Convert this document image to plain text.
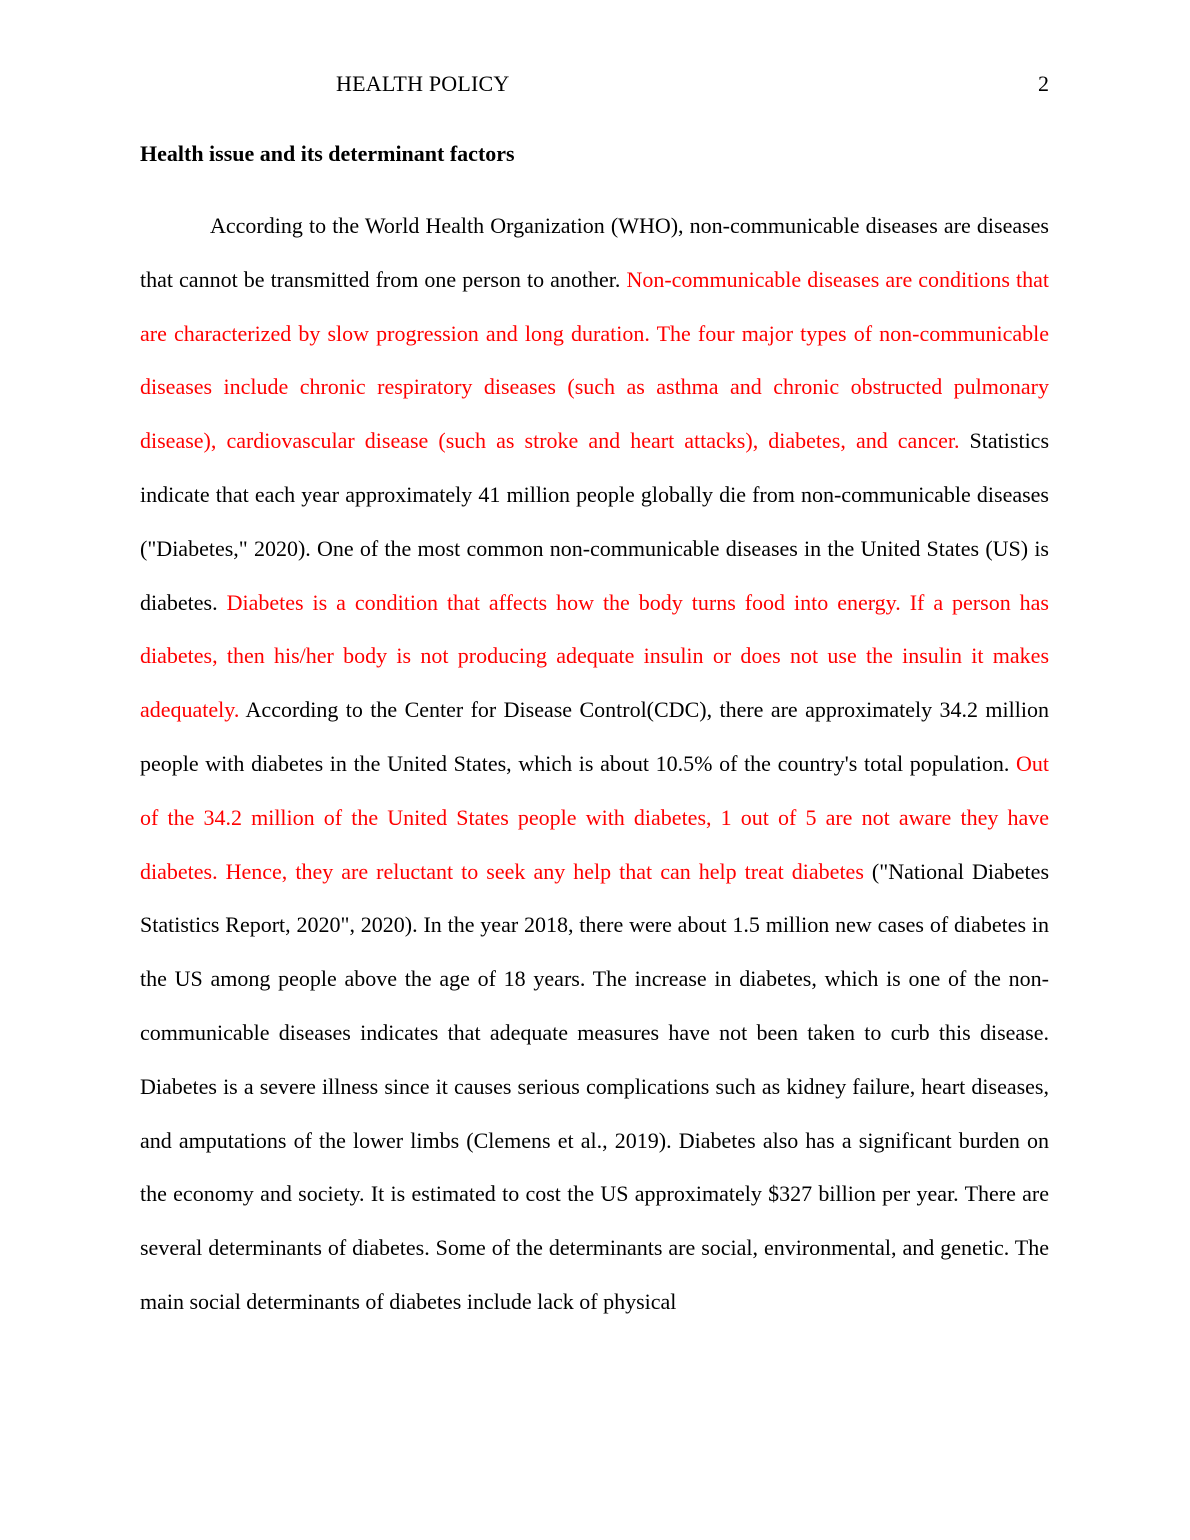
HEALTH POLICY	2
Health issue and its determinant factors

According to the World Health Organization (WHO), non-communicable diseases are diseases that cannot be transmitted from one person to another. Non-communicable diseases are conditions that are characterized by slow progression and long duration. The four major types of non-communicable diseases include chronic respiratory diseases (such as asthma and chronic obstructed pulmonary disease), cardiovascular disease (such as stroke and heart attacks), diabetes, and cancer. Statistics indicate that each year approximately 41 million people globally die from non-communicable diseases ("Diabetes," 2020). One of the most common non-communicable diseases in the United States (US) is diabetes. Diabetes is a condition that affects how the body turns food into energy. If a person has diabetes, then his/her body is not producing adequate insulin or does not use the insulin it makes adequately. According to the Center for Disease Control(CDC), there are approximately 34.2 million people with diabetes in the United States, which is about 10.5% of the country's total population. Out of the 34.2 million of the United States people with diabetes, 1 out of 5 are not aware they have diabetes. Hence, they are reluctant to seek any help that can help treat diabetes ("National Diabetes Statistics Report, 2020", 2020). In the year 2018, there were about 1.5 million new cases of diabetes in the US among people above the age of 18 years. The increase in diabetes, which is one of the non-communicable diseases indicates that adequate measures have not been taken to curb this disease. Diabetes is a severe illness since it causes serious complications such as kidney failure, heart diseases, and amputations of the lower limbs (Clemens et al., 2019). Diabetes also has a significant burden on the economy and society. It is estimated to cost the US approximately $327 billion per year. There are several determinants of diabetes. Some of the determinants are social, environmental, and genetic. The main social determinants of diabetes include lack of physical
